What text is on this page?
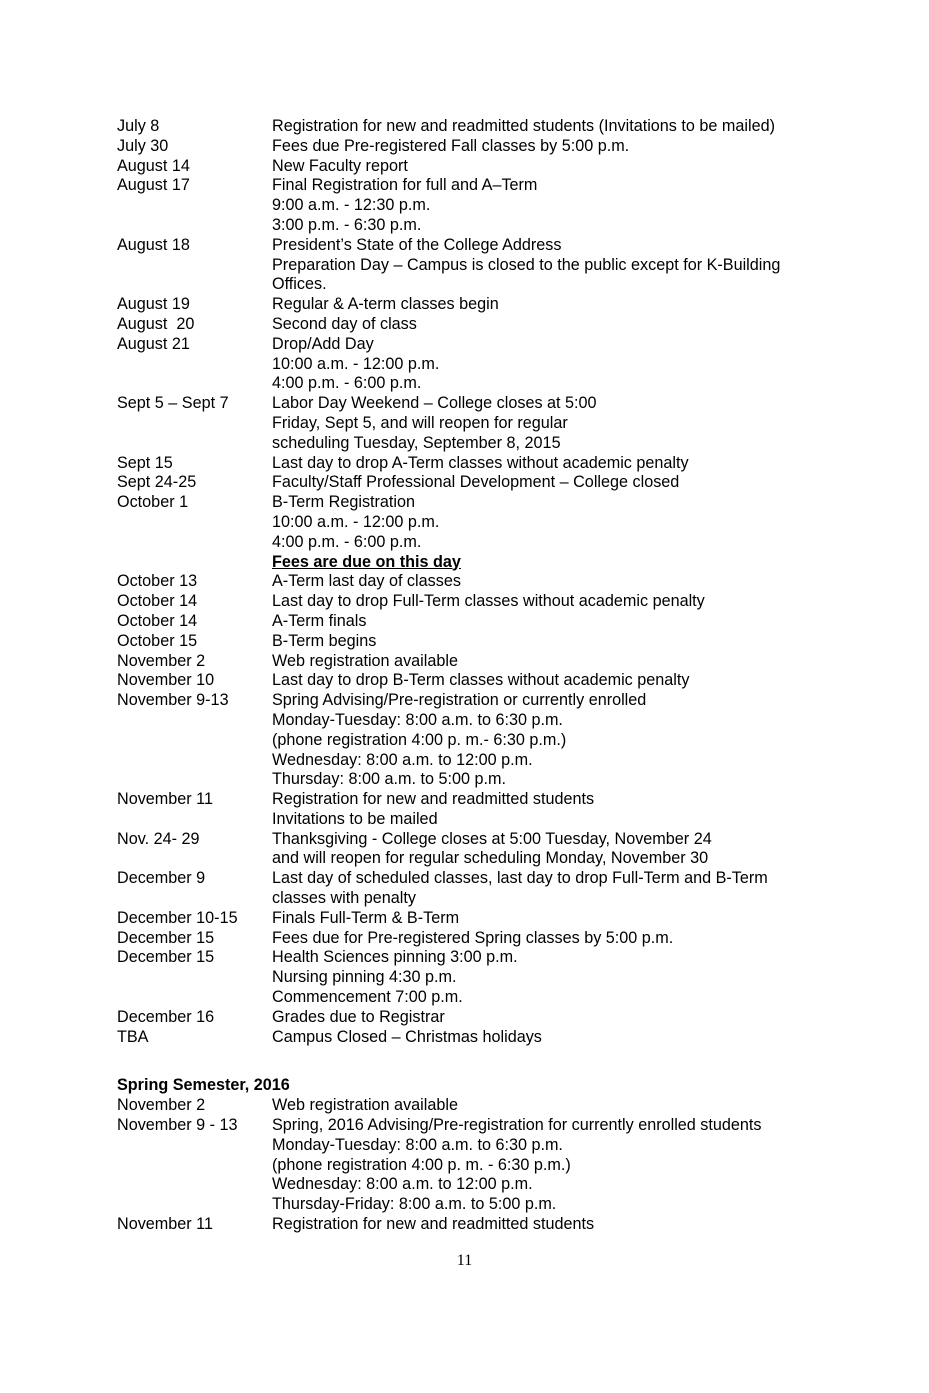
July 8	Registration for new and readmitted students (Invitations to be mailed)
July 30	Fees due Pre-registered Fall classes by 5:00 p.m.
August 14	New Faculty report
August 17	Final Registration for full and A–Term
9:00 a.m. - 12:30 p.m.
3:00 p.m. - 6:30 p.m.
August 18	President’s State of the College Address
Preparation Day – Campus is closed to the public except for K-Building
Offices.
August 19	Regular & A-term classes begin
August  20	Second day of class
August 21	Drop/Add Day
10:00 a.m. - 12:00 p.m.
4:00 p.m. - 6:00 p.m.
Sept 5 – Sept 7	Labor Day Weekend – College closes at 5:00
Friday, Sept 5, and will reopen for regular
scheduling Tuesday, September 8, 2015
Sept 15	Last day to drop A-Term classes without academic penalty
Sept 24-25	Faculty/Staff Professional Development – College closed
October 1	B-Term Registration
10:00 a.m. - 12:00 p.m.
4:00 p.m. - 6:00 p.m.
Fees are due on this day
October 13	A-Term last day of classes
October 14	Last day to drop Full-Term classes without academic penalty
October 14	A-Term finals
October 15	B-Term begins
November 2	Web registration available
November 10	Last day to drop B-Term classes without academic penalty
November 9-13	Spring Advising/Pre-registration or currently enrolled
Monday-Tuesday: 8:00 a.m. to 6:30 p.m.
(phone registration 4:00 p. m.- 6:30 p.m.)
Wednesday: 8:00 a.m. to 12:00 p.m.
Thursday: 8:00 a.m. to 5:00 p.m.
November 11	Registration for new and readmitted students
Invitations to be mailed
Nov. 24- 29	Thanksgiving - College closes at 5:00 Tuesday, November 24
and will reopen for regular scheduling Monday, November 30
December 9	Last day of scheduled classes, last day to drop Full-Term and B-Term
classes with penalty
December 10-15	Finals Full-Term & B-Term
December 15	Fees due for Pre-registered Spring classes by 5:00 p.m.
December 15	Health Sciences pinning 3:00 p.m.
Nursing pinning 4:30 p.m.
Commencement 7:00 p.m.
December 16	Grades due to Registrar
TBA	Campus Closed – Christmas holidays
Spring Semester, 2016
November 2	Web registration available
November 9 - 13	Spring, 2016 Advising/Pre-registration for currently enrolled students
Monday-Tuesday: 8:00 a.m. to 6:30 p.m.
(phone registration 4:00 p. m. - 6:30 p.m.)
Wednesday: 8:00 a.m. to 12:00 p.m.
Thursday-Friday: 8:00 a.m. to 5:00 p.m.
November 11	Registration for new and readmitted students
11
